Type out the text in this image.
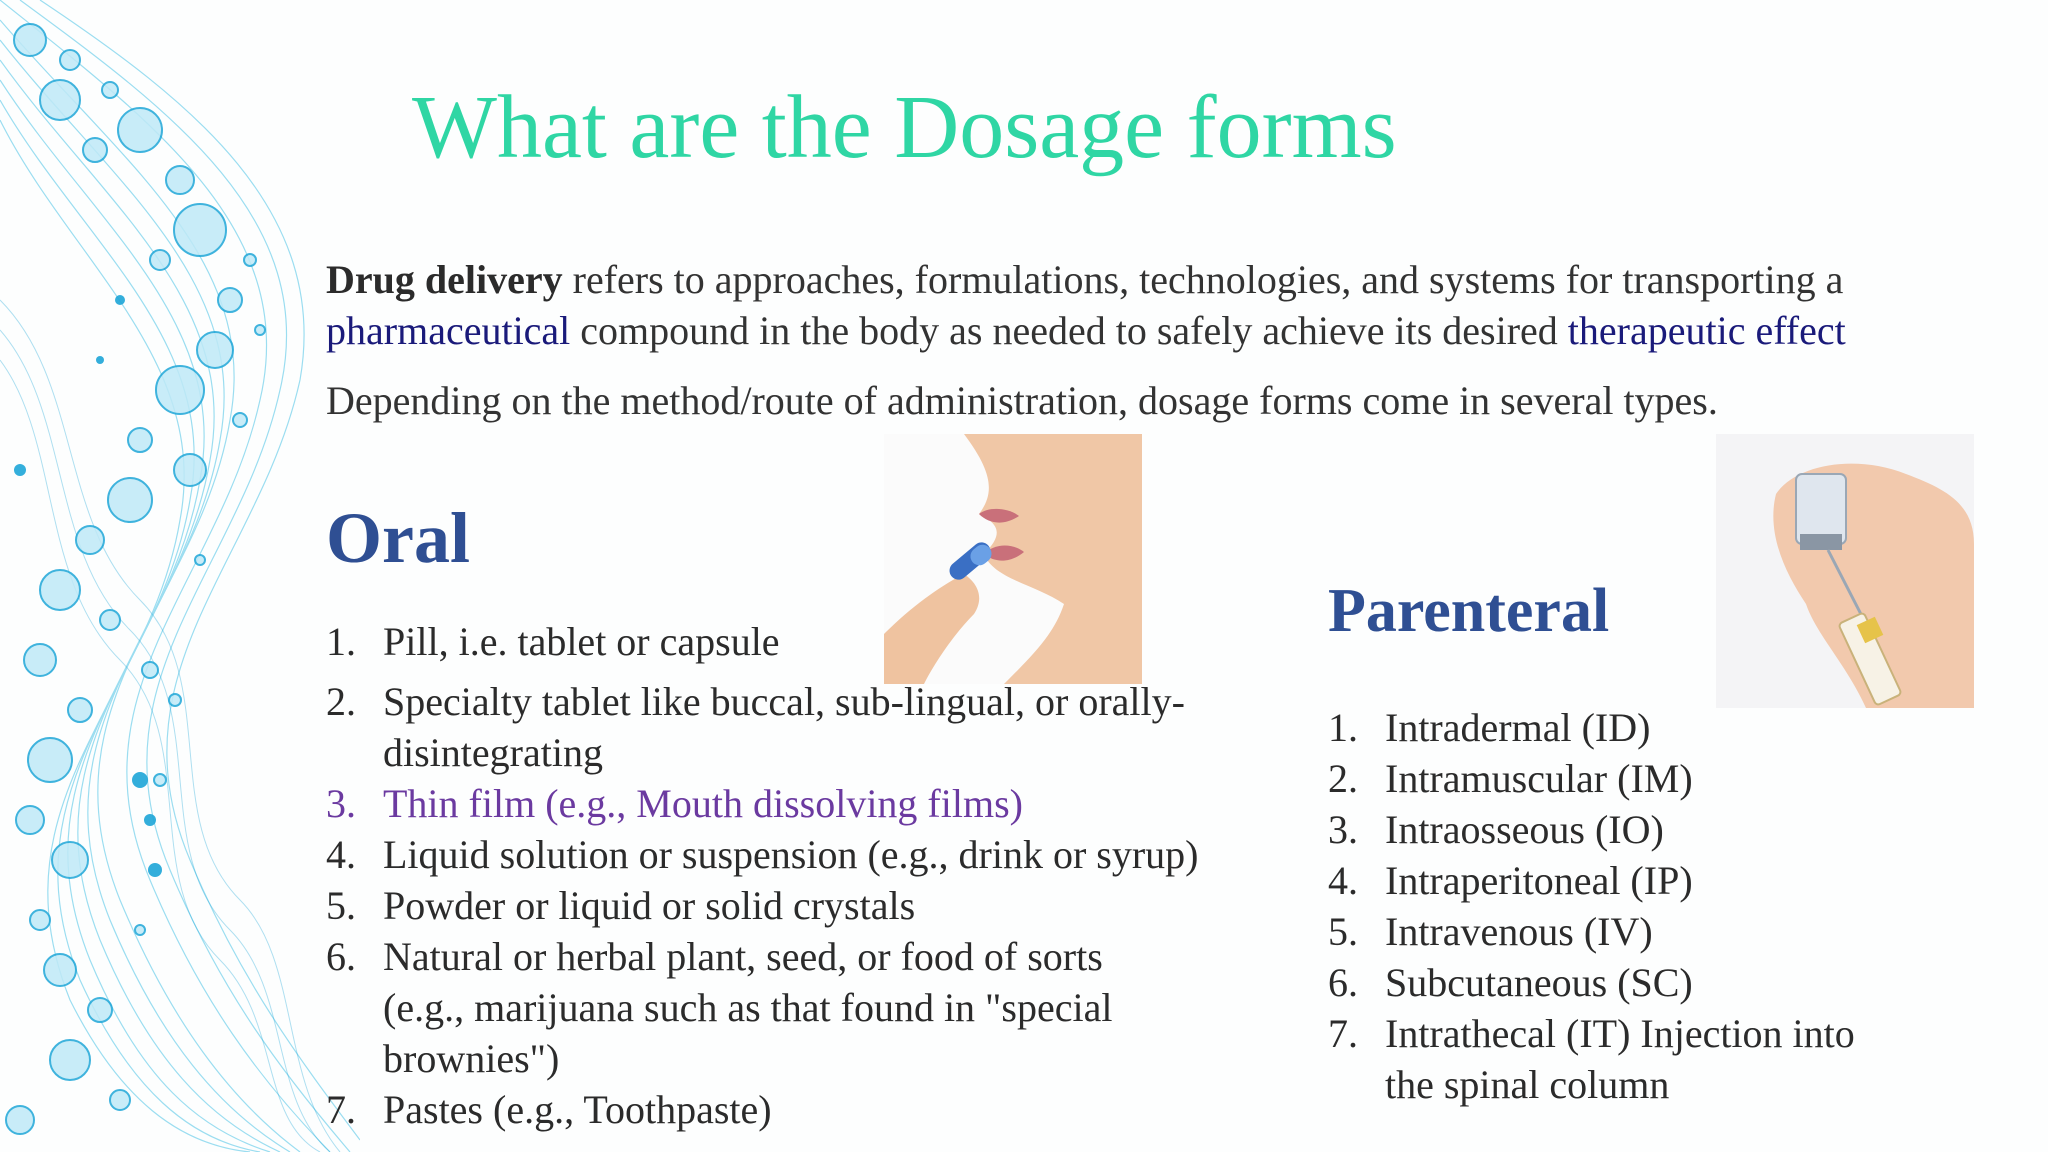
What are the Dosage forms

Drug delivery refers to approaches, formulations, technologies, and systems for transporting a pharmaceutical compound in the body as needed to safely achieve its desired therapeutic effect

Depending on the method/route of administration, dosage forms come in several types.

Oral
1. Pill, i.e. tablet or capsule
2. Specialty tablet like buccal, sub-lingual, or orally-disintegrating
3. Thin film (e.g., Mouth dissolving films)
4. Liquid solution or suspension (e.g., drink or syrup)
5. Powder or liquid or solid crystals
6. Natural or herbal plant, seed, or food of sorts (e.g., marijuana such as that found in "special brownies")
7. Pastes (e.g., Toothpaste)
Parenteral
1. Intradermal (ID)
2. Intramuscular (IM)
3. Intraosseous (IO)
4. Intraperitoneal (IP)
5. Intravenous (IV)
6. Subcutaneous (SC)
7. Intrathecal (IT) Injection into the spinal column
